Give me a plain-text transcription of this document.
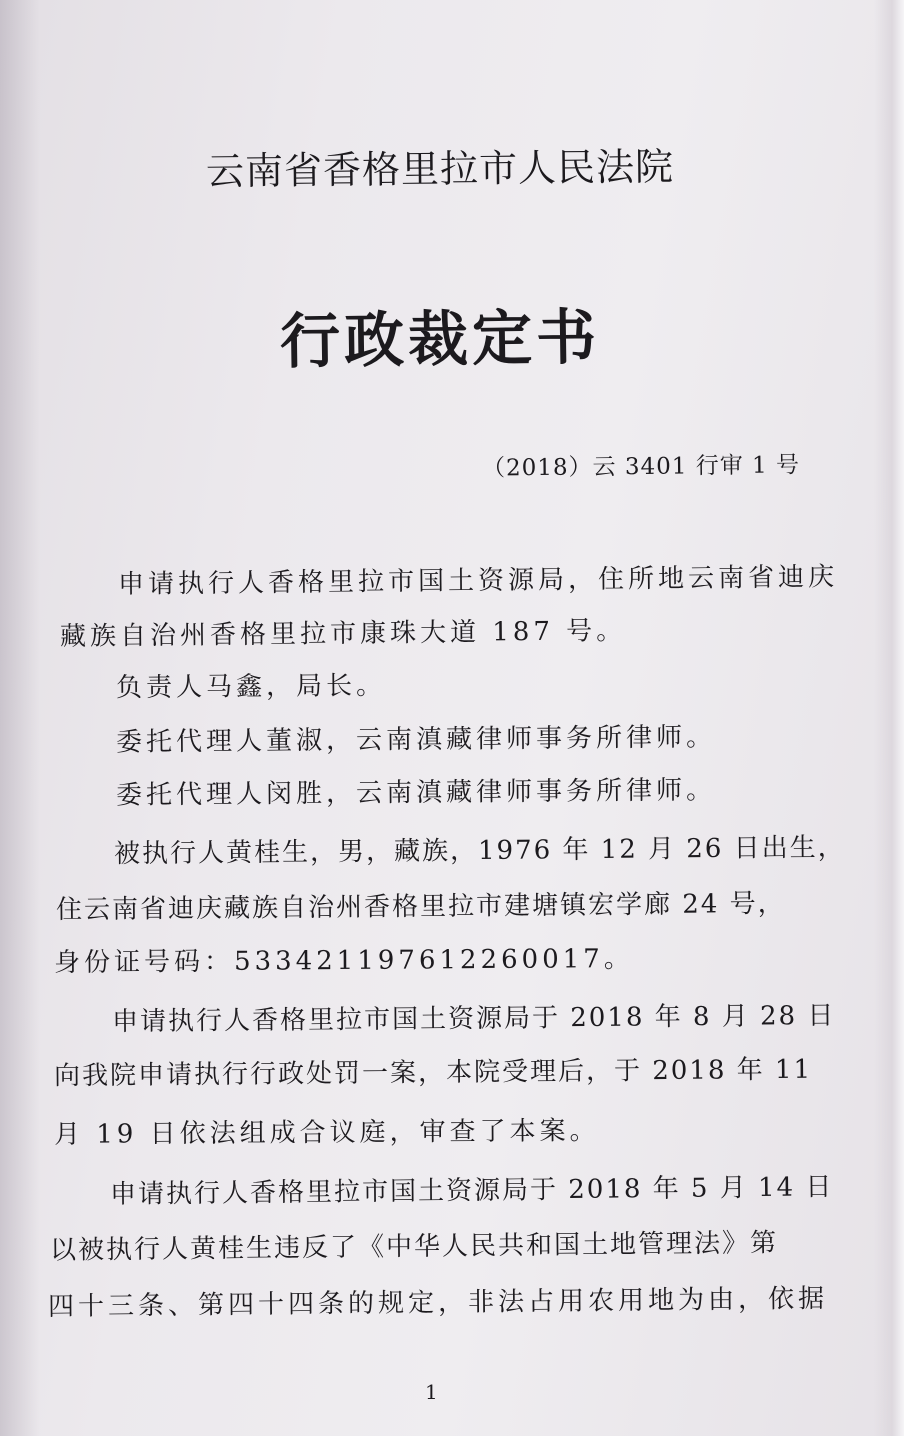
云南省香格里拉市人民法院
行政裁定书
（2018）云 3401 行审 1 号
申请执行人香格里拉市国土资源局，住所地云南省迪庆
藏族自治州香格里拉市康珠大道 187 号。
负责人马鑫，局长。
委托代理人董淑，云南滇藏律师事务所律师。
委托代理人闵胜，云南滇藏律师事务所律师。
被执行人黄桂生，男，藏族，1976 年 12 月 26 日出生，
住云南省迪庆藏族自治州香格里拉市建塘镇宏学廊 24 号，
身份证号码：533421197612260017。
申请执行人香格里拉市国土资源局于 2018 年 8 月 28 日
向我院申请执行行政处罚一案，本院受理后，于 2018 年 11
月 19 日依法组成合议庭，审查了本案。
申请执行人香格里拉市国土资源局于 2018 年 5 月 14 日
以被执行人黄桂生违反了《中华人民共和国土地管理法》第
四十三条、第四十四条的规定，非法占用农用地为由，依据
1
